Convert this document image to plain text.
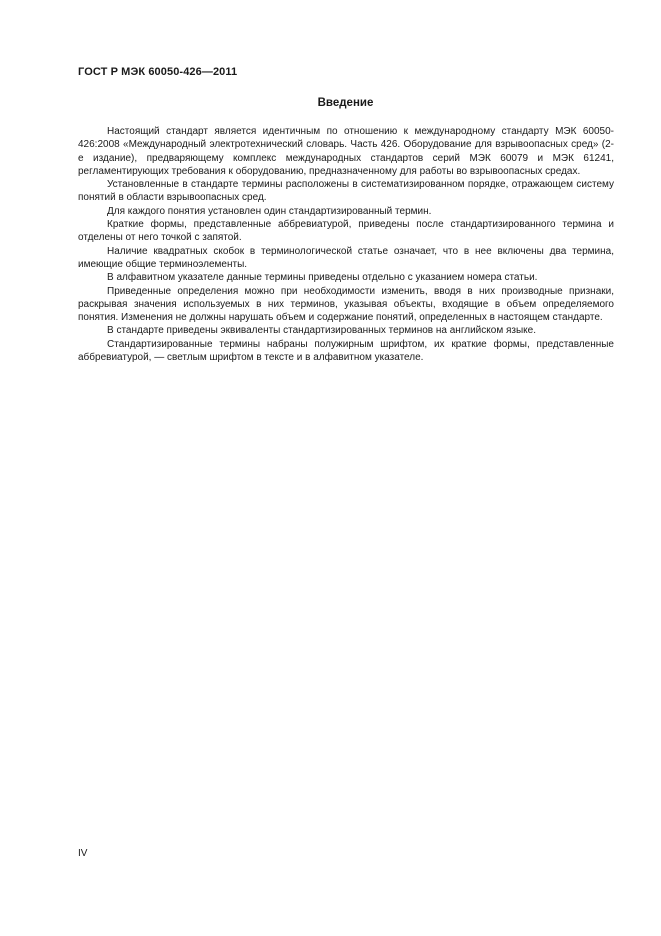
ГОСТ Р МЭК 60050-426—2011
Введение

Настоящий стандарт является идентичным по отношению к международному стандарту МЭК 60050-426:2008 «Международный электротехнический словарь. Часть 426. Оборудование для взрывоопасных сред» (2-е издание), предваряющему комплекс международных стандартов серий МЭК 60079 и МЭК 61241, регламентирующих требования к оборудованию, предназначенному для работы во взрывоопасных средах.

Установленные в стандарте термины расположены в систематизированном порядке, отражающем систему понятий в области взрывоопасных сред.

Для каждого понятия установлен один стандартизированный термин.

Краткие формы, представленные аббревиатурой, приведены после стандартизированного термина и отделены от него точкой с запятой.

Наличие квадратных скобок в терминологической статье означает, что в нее включены два термина, имеющие общие терминоэлементы.

В алфавитном указателе данные термины приведены отдельно с указанием номера статьи.

Приведенные определения можно при необходимости изменить, вводя в них производные признаки, раскрывая значения используемых в них терминов, указывая объекты, входящие в объем определяемого понятия. Изменения не должны нарушать объем и содержание понятий, определенных в настоящем стандарте.

В стандарте приведены эквиваленты стандартизированных терминов на английском языке.

Стандартизированные термины набраны полужирным шрифтом, их краткие формы, представленные аббревиатурой, — светлым шрифтом в тексте и в алфавитном указателе.

IV
